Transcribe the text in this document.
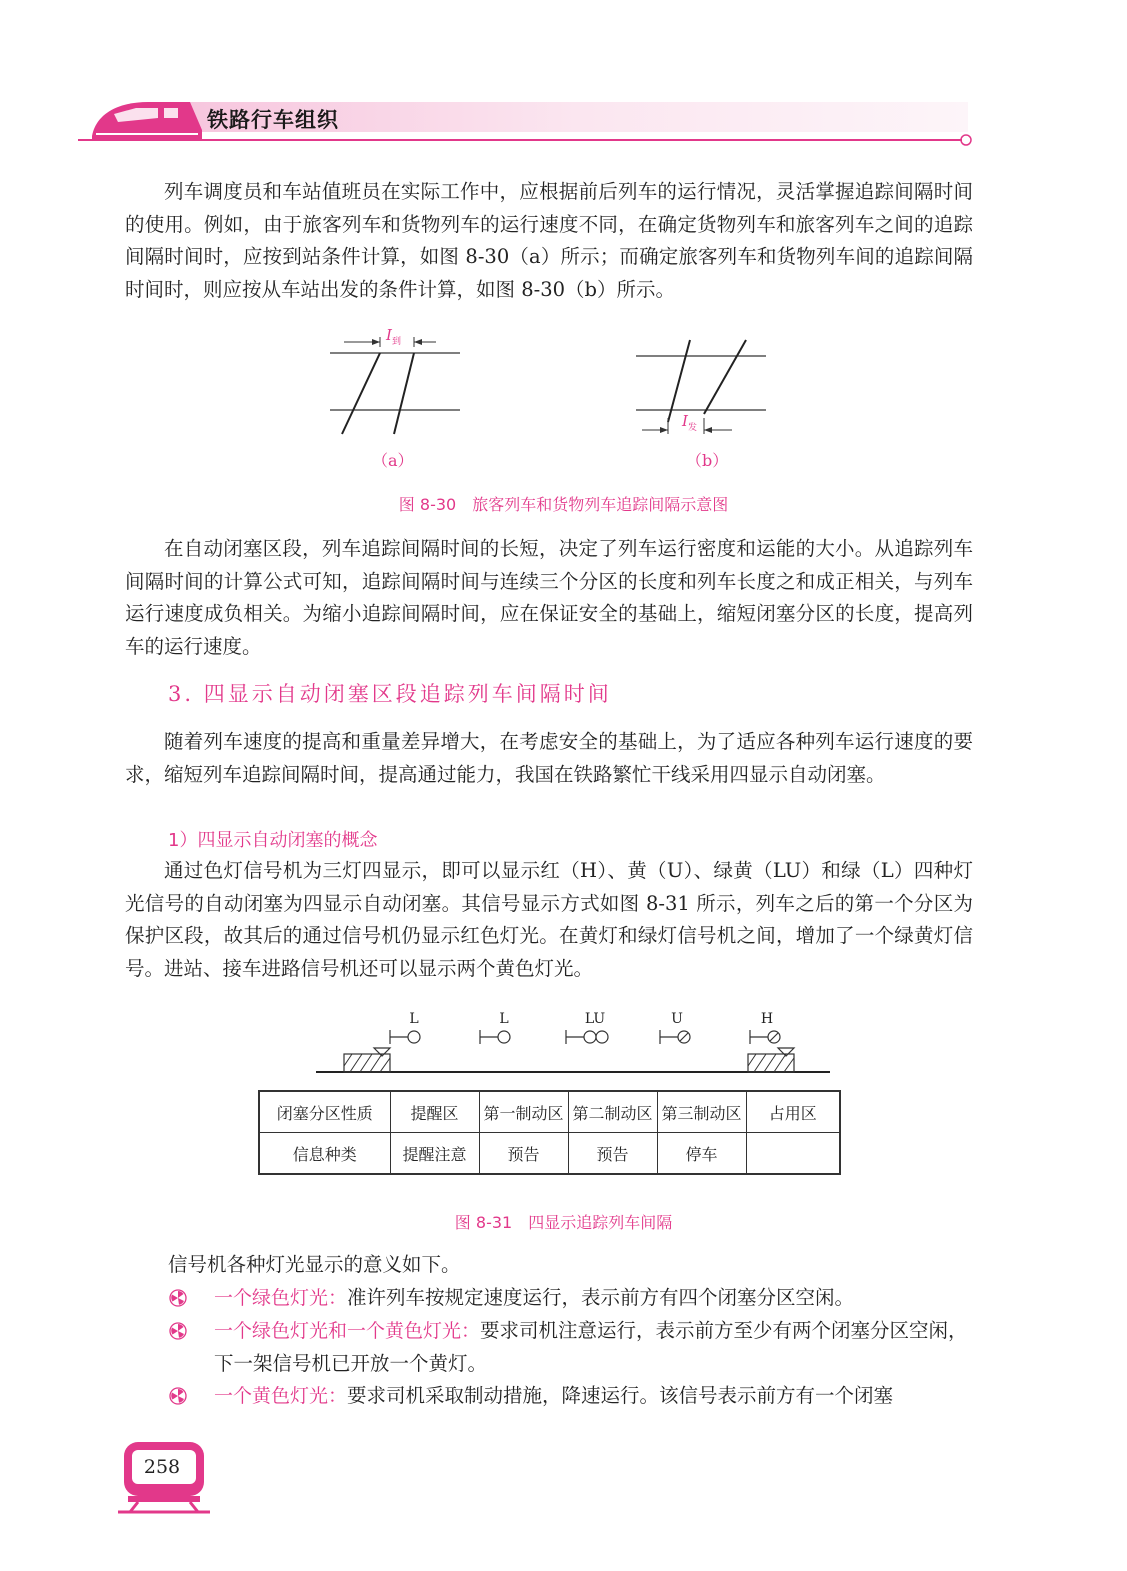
铁路行车组织

列车调度员和车站值班员在实际工作中，应根据前后列车的运行情况，灵活掌握追踪间隔时间的使用。例如，由于旅客列车和货物列车的运行速度不同，在确定货物列车和旅客列车之间的追踪间隔时间时，应按到站条件计算，如图 8-30（a）所示；而确定旅客列车和货物列车间的追踪间隔时间时，则应按从车站出发的条件计算，如图 8-30（b）所示。

I 到
I 发
（a）	（b）
图 8-30　旅客列车和货物列车追踪间隔示意图

在自动闭塞区段，列车追踪间隔时间的长短，决定了列车运行密度和运能的大小。从追踪列车间隔时间的计算公式可知，追踪间隔时间与连续三个分区的长度和列车长度之和成正相关，与列车运行速度成负相关。为缩小追踪间隔时间，应在保证安全的基础上，缩短闭塞分区的长度，提高列车的运行速度。

3. 四显示自动闭塞区段追踪列车间隔时间

随着列车速度的提高和重量差异增大，在考虑安全的基础上，为了适应各种列车运行速度的要求，缩短列车追踪间隔时间，提高通过能力，我国在铁路繁忙干线采用四显示自动闭塞。

1）四显示自动闭塞的概念

通过色灯信号机为三灯四显示，即可以显示红（H）、黄（U）、绿黄（LU）和绿（L）四种灯光信号的自动闭塞为四显示自动闭塞。其信号显示方式如图 8-31 所示，列车之后的第一个分区为保护区段，故其后的通过信号机仍显示红色灯光。在黄灯和绿灯信号机之间，增加了一个绿黄灯信号。进站、接车进路信号机还可以显示两个黄色灯光。

L	L	LU	U	H
闭塞分区性质	提醒区	第一制动区	第二制动区	第三制动区	占用区
信息种类	提醒注意	预告	预告	停车	
图 8-31　四显示追踪列车间隔

信号机各种灯光显示的意义如下。

一个绿色灯光：准许列车按规定速度运行，表示前方有四个闭塞分区空闲。
一个绿色灯光和一个黄色灯光：要求司机注意运行，表示前方至少有两个闭塞分区空闲，下一架信号机已开放一个黄灯。
一个黄色灯光：要求司机采取制动措施，降速运行。该信号表示前方有一个闭塞
258
